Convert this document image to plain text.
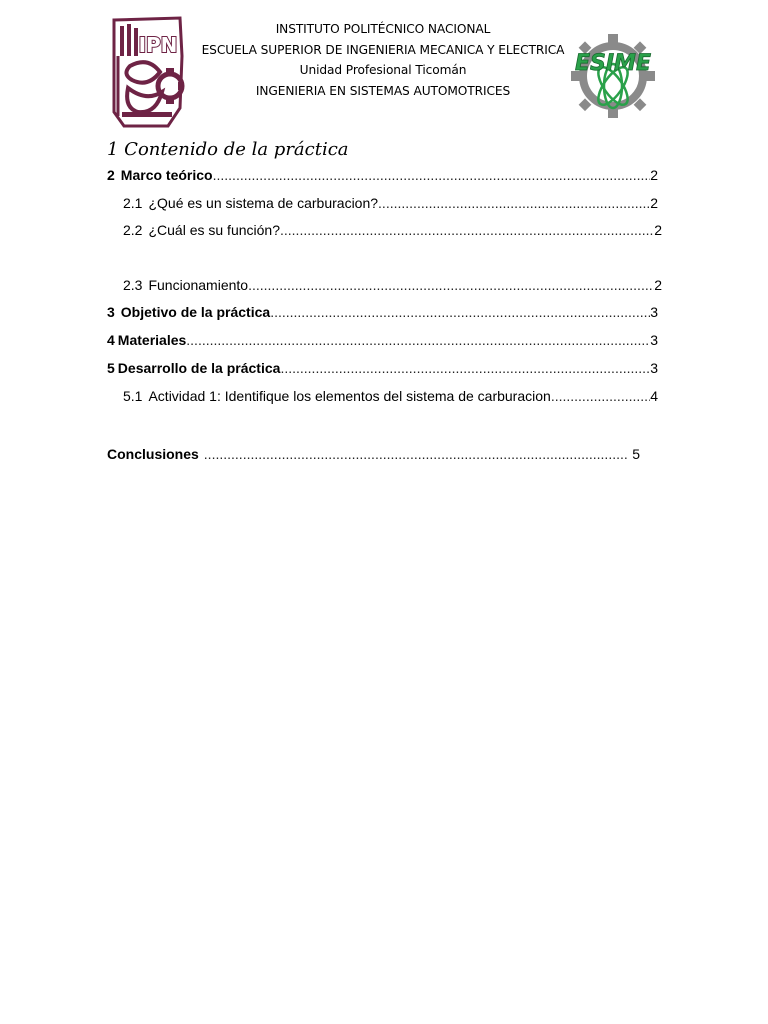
IPN
INSTITUTO POLITÉCNICO NACIONAL
ESCUELA SUPERIOR DE INGENIERIA MECANICA Y ELECTRICA
Unidad Profesional Ticomán
INGENIERIA EN SISTEMAS AUTOMOTRICES
ESIME
1 Contenido de la práctica
2 Marco teórico .....	2
2.1 ¿Qué es un sistema de carburacion? .....	2
2.2 ¿Cuál es su función? .....	2
2.3 Funcionamiento .....	2
3 Objetivo de la práctica .....	3
4 Materiales .....	3
5 Desarrollo de la práctica .....	3
5.1 Actividad 1: Identifique los elementos del sistema de carburacion .....	4
Conclusiones .....	5
